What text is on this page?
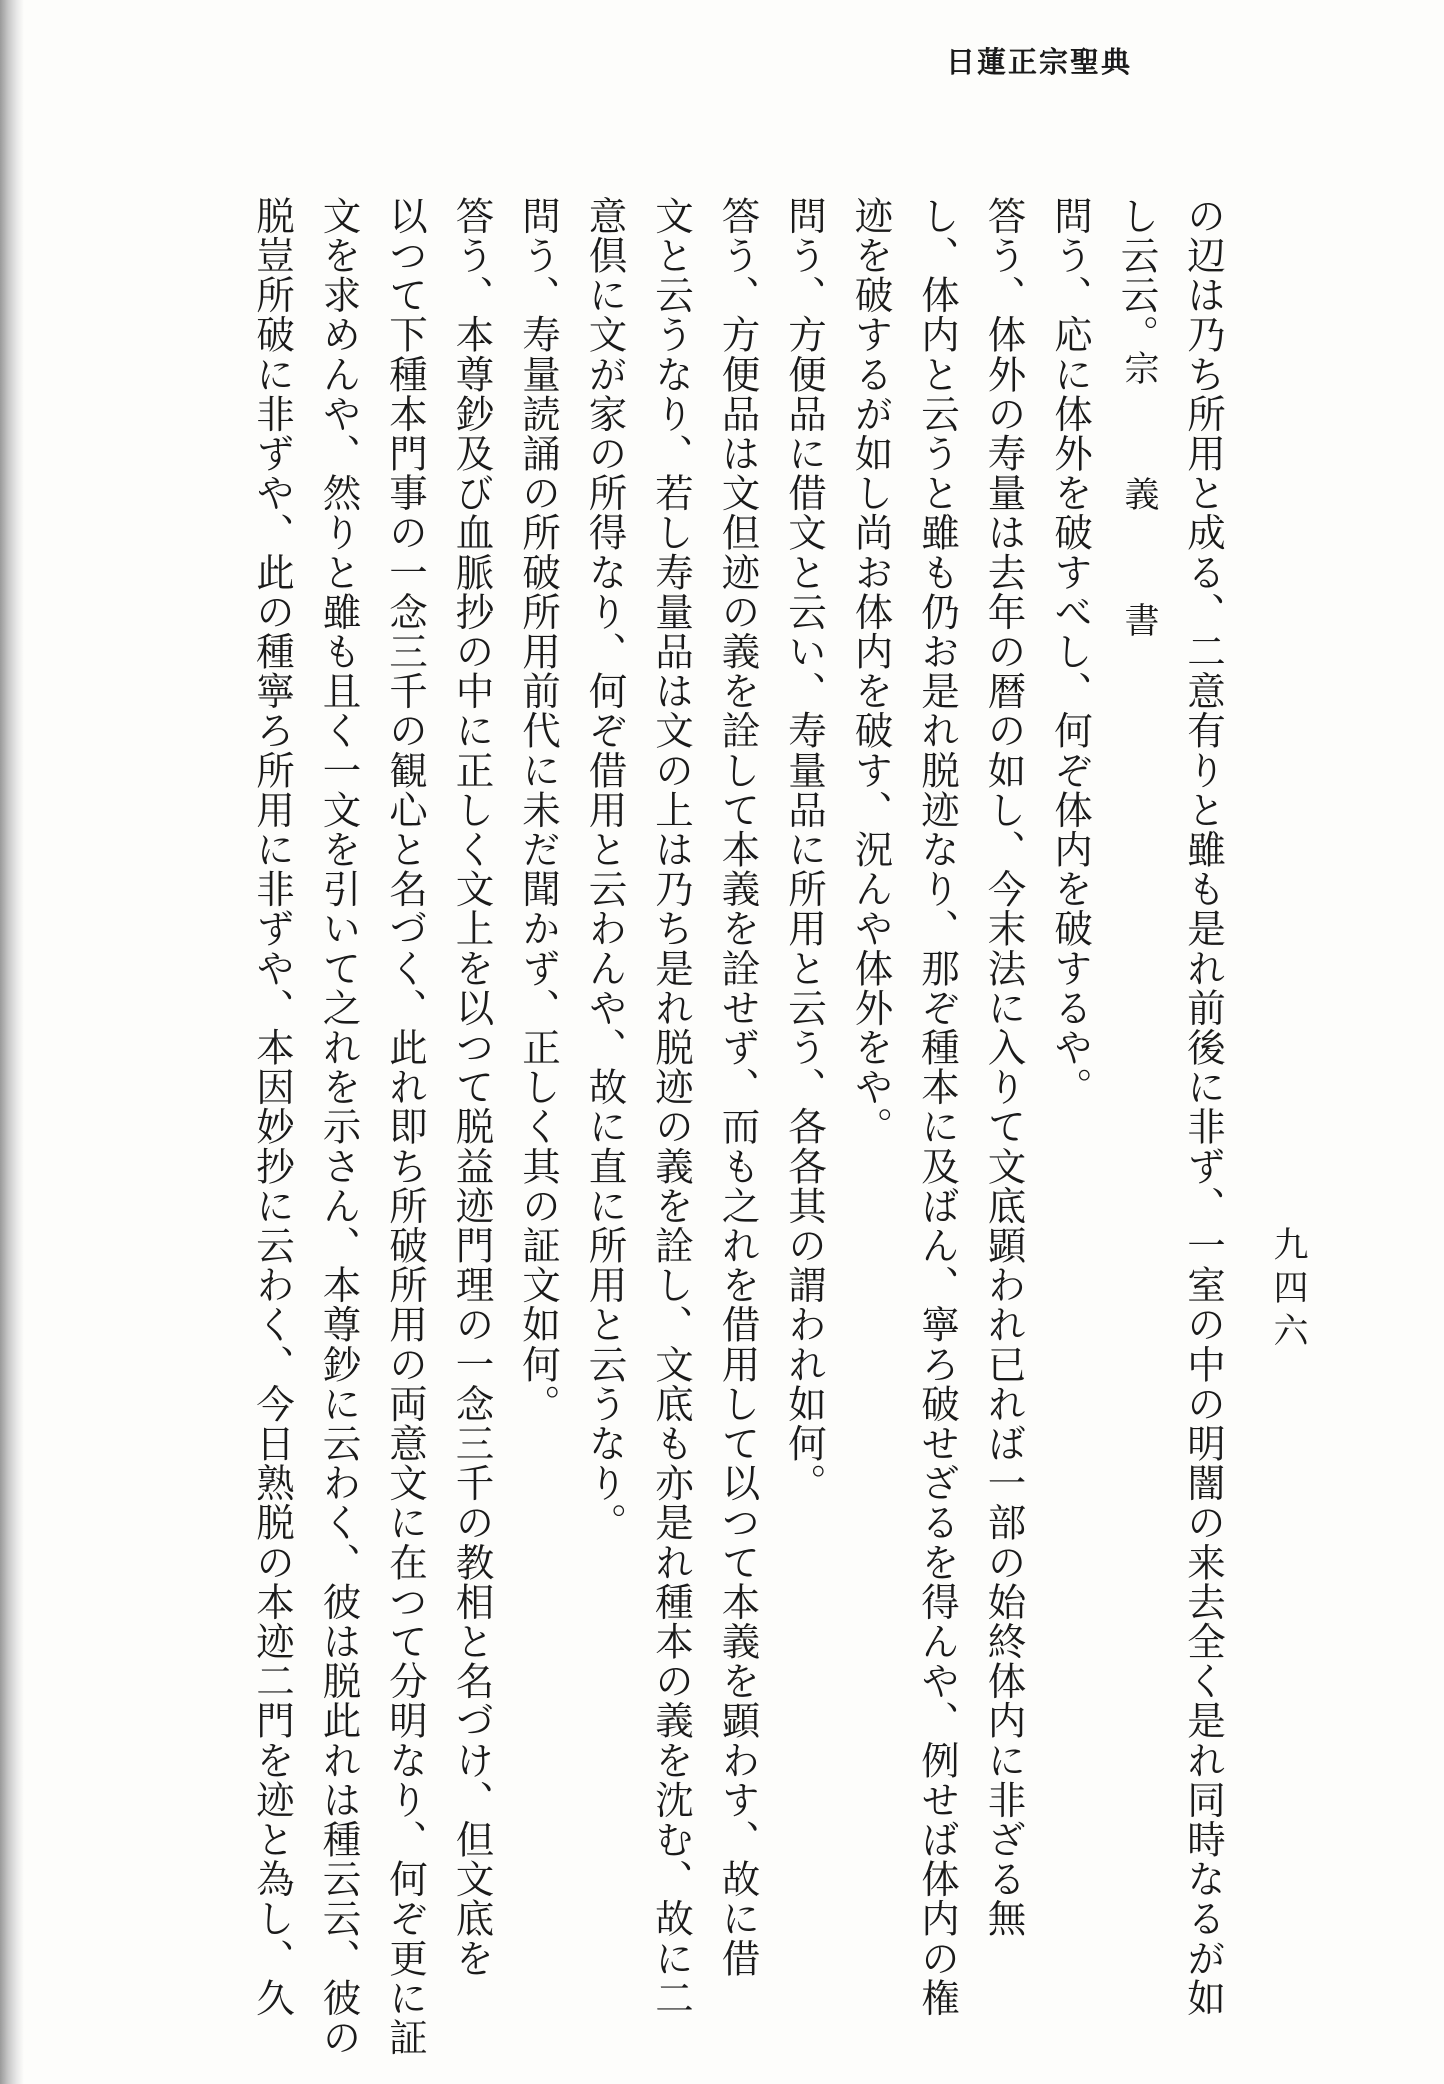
日蓮正宗聖典
九四六
宗　義　書 の辺は乃ち所用と成る、二意有りと雖も是れ前後に非ず、一室の中の明闇の来去全く是れ同時なるが如

し云云。

問う、応に体外を破すべし、何ぞ体内を破するや。

答う、体外の寿量は去年の暦の如し、今末法に入りて文底顕われ已れば一部の始終体内に非ざる無

し、体内と云うと雖も仍お是れ脱迹なり、那ぞ種本に及ばん、寧ろ破せざるを得んや、例せば体内の権

迹を破するが如し尚お体内を破す、況んや体外をや。

問う、方便品に借文と云い、寿量品に所用と云う、各各其の謂われ如何。

答う、方便品は文但迹の義を詮して本義を詮せず、而も之れを借用して以つて本義を顕わす、故に借

文と云うなり、若し寿量品は文の上は乃ち是れ脱迹の義を詮し、文底も亦是れ種本の義を沈む、故に二

意倶に文が家の所得なり、何ぞ借用と云わんや、故に直に所用と云うなり。

問う、寿量読誦の所破所用前代に未だ聞かず、正しく其の証文如何。

答う、本尊鈔及び血脈抄の中に正しく文上を以つて脱益迹門理の一念三千の教相と名づけ、但文底を

以つて下種本門事の一念三千の観心と名づく、此れ即ち所破所用の両意文に在つて分明なり、何ぞ更に証

文を求めんや、然りと雖も且く一文を引いて之れを示さん、本尊鈔に云わく、彼は脱此れは種云云、彼の

脱豈所破に非ずや、此の種寧ろ所用に非ずや、本因妙抄に云わく、今日熟脱の本迹二門を迹と為し、久
